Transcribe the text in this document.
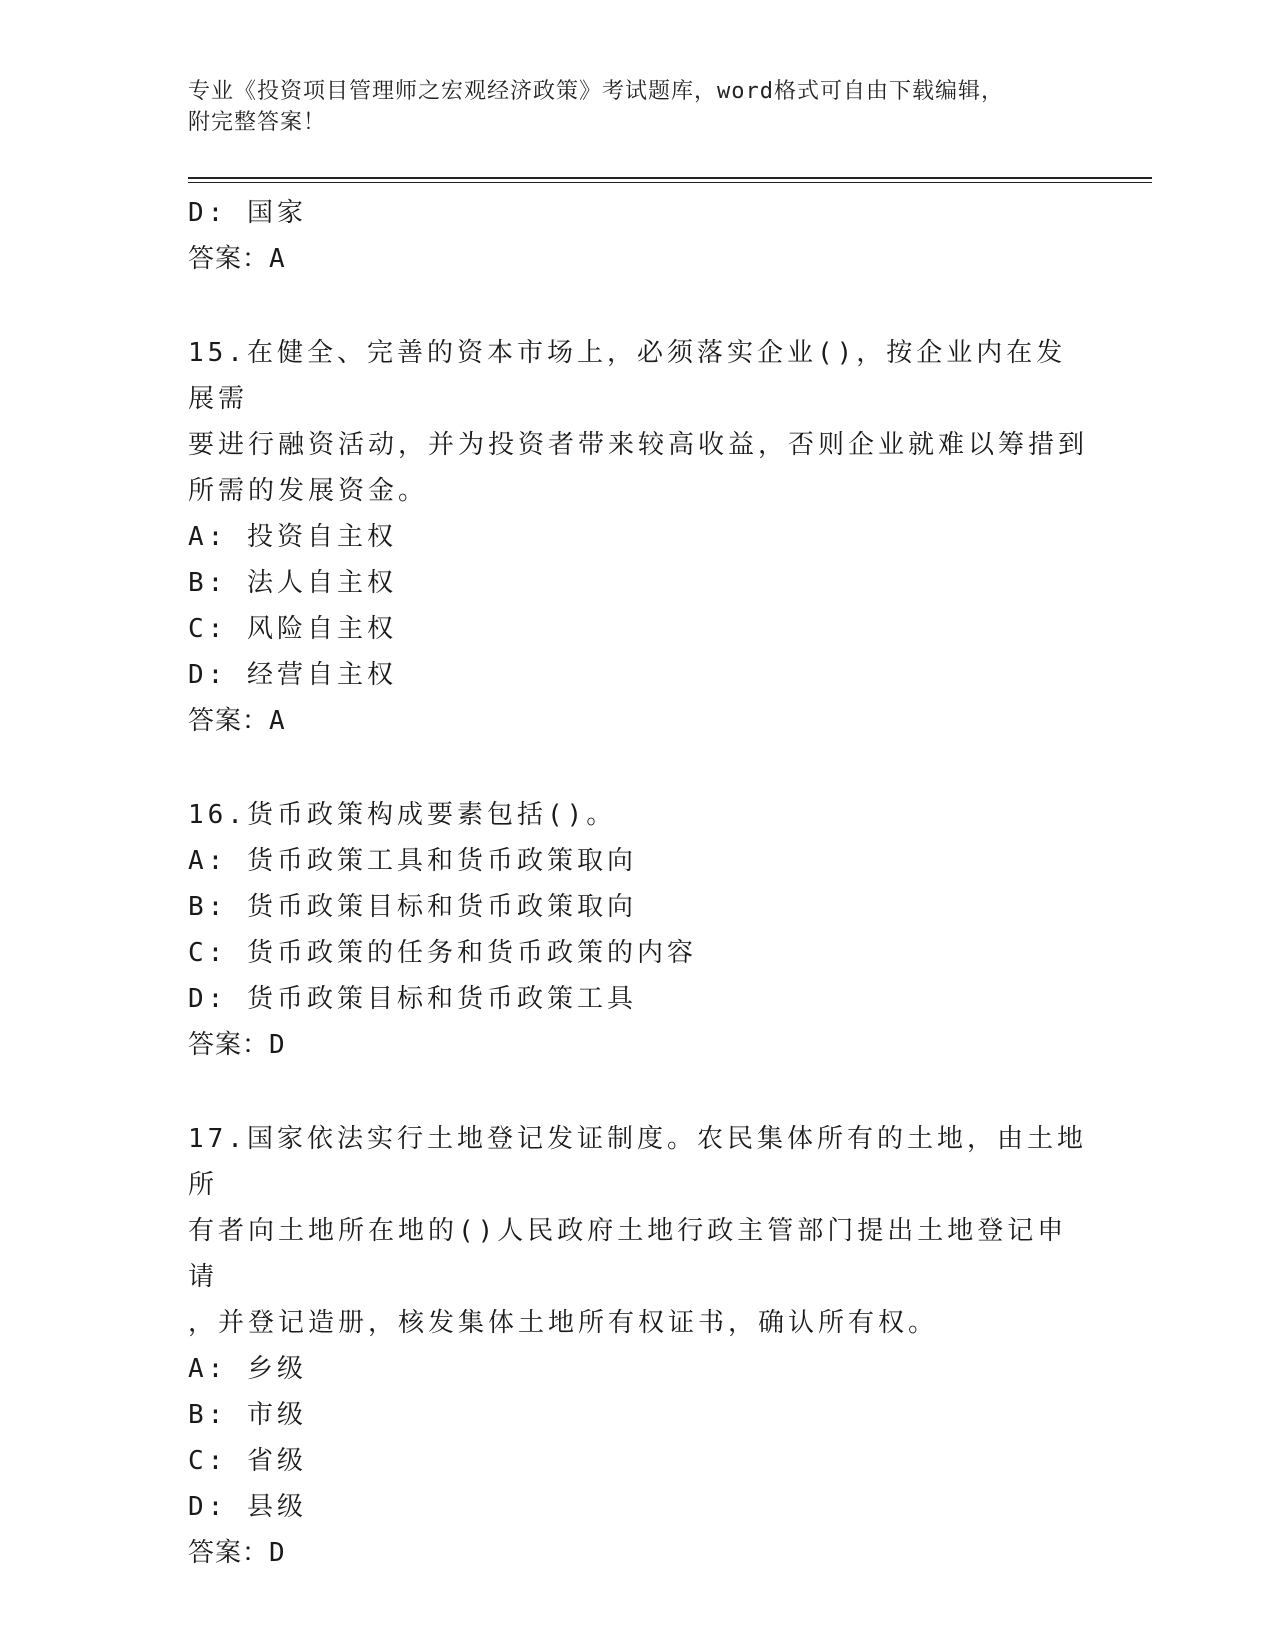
专业《投资项目管理师之宏观经济政策》考试题库，word格式可自由下载编辑，
附完整答案！

D: 国家

答案：A

15.在健全、完善的资本市场上，必须落实企业()，按企业内在发展需

要进行融资活动，并为投资者带来较高收益，否则企业就难以筹措到

所需的发展资金。

A: 投资自主权

B: 法人自主权

C: 风险自主权

D: 经营自主权

答案：A

16.货币政策构成要素包括()。

A: 货币政策工具和货币政策取向

B: 货币政策目标和货币政策取向

C: 货币政策的任务和货币政策的内容

D: 货币政策目标和货币政策工具

答案：D

17.国家依法实行土地登记发证制度。农民集体所有的土地，由土地所

有者向土地所在地的()人民政府土地行政主管部门提出土地登记申请

，并登记造册，核发集体土地所有权证书，确认所有权。

A: 乡级

B: 市级

C: 省级

D: 县级

答案：D
